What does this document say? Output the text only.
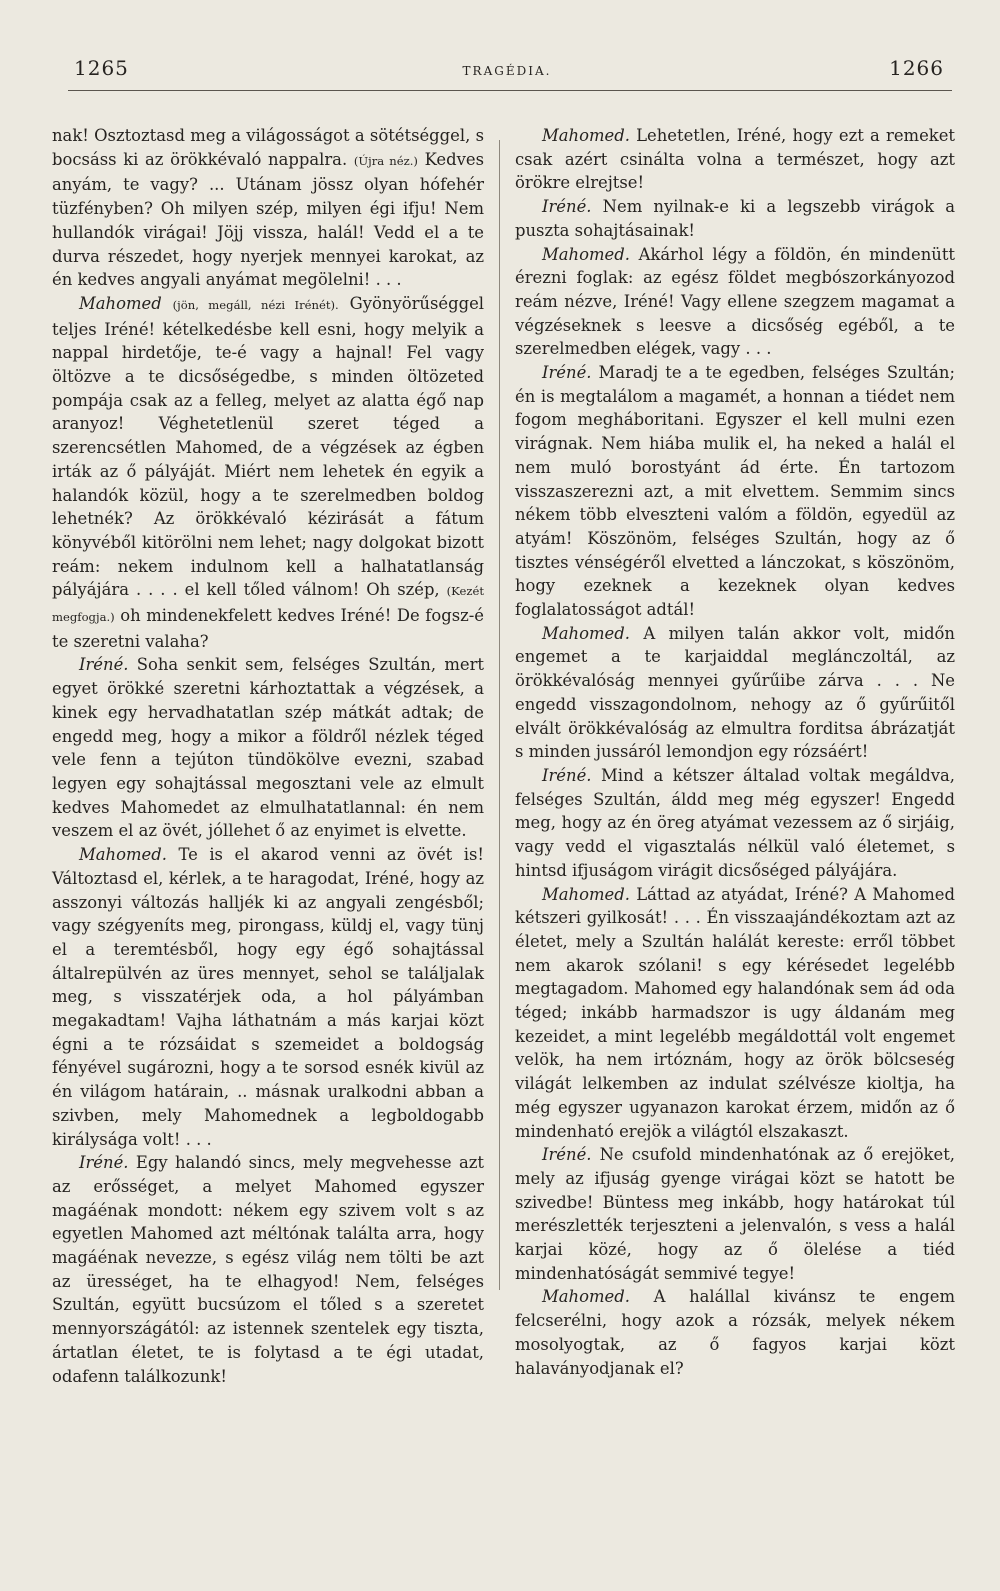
1265	TRAGÉDIA.	1266

nak! Osztoztasd meg a világosságot a sötétséggel, s bocsáss ki az örökkévaló nappalra. (Újra néz.) Kedves anyám, te vagy? ... Utánam jössz olyan hófehér tüzfényben? Oh milyen szép, milyen égi ifju! Nem hullandók virágai! Jöjj vissza, halál! Vedd el a te durva részedet, hogy nyerjek mennyei karokat, az én kedves angyali anyámat megölelni! . . .

Mahomed (jön, megáll, nézi Irénét). Gyönyörűséggel teljes Iréné! kételkedésbe kell esni, hogy melyik a nappal hirdetője, te-é vagy a hajnal! Fel vagy öltözve a te dicsőségedbe, s minden öltözeted pompája csak az a felleg, melyet az alatta égő nap aranyoz! Véghetetlenül szeret téged a szerencsétlen Mahomed, de a végzések az égben irták az ő pályáját. Miért nem lehetek én egyik a halandók közül, hogy a te szerelmedben boldog lehetnék? Az örökkévaló kézirását a fátum könyvéből kitörölni nem lehet; nagy dolgokat bizott reám: nekem indulnom kell a halhatatlanság pályájára . . . . el kell tőled válnom! Oh szép, (Kezét megfogja.) oh mindenekfelett kedves Iréné! De fogsz-é te szeretni valaha?

Iréné. Soha senkit sem, felséges Szultán, mert egyet örökké szeretni kárhoztattak a végzések, a kinek egy hervadhatatlan szép mátkát adtak; de engedd meg, hogy a mikor a földről nézlek téged vele fenn a tejúton tündökölve evezni, szabad legyen egy sohajtással megosztani vele az elmult kedves Mahomedet az elmulhatatlannal: én nem veszem el az övét, jóllehet ő az enyimet is elvette.

Mahomed. Te is el akarod venni az övét is! Változtasd el, kérlek, a te haragodat, Iréné, hogy az asszonyi változás halljék ki az angyali zengésből; vagy szégyeníts meg, pirongass, küldj el, vagy tünj el a teremtésből, hogy egy égő sohajtással általrepülvén az üres mennyet, sehol se találjalak meg, s visszatérjek oda, a hol pályámban megakadtam! Vajha láthatnám a más karjai közt égni a te rózsáidat s szemeidet a boldogság fényével sugározni, hogy a te sorsod esnék kivül az én világom határain, .. másnak uralkodni abban a szivben, mely Mahomednek a legboldogabb királysága volt! . . .

Iréné. Egy halandó sincs, mely megvehesse azt az erősséget, a melyet Mahomed egyszer magáénak mondott: nékem egy szivem volt s az egyetlen Mahomed azt méltónak találta arra, hogy magáénak nevezze, s egész világ nem tölti be azt az ürességet, ha te elhagyod! Nem, felséges Szultán, együtt bucsúzom el tőled s a szeretet mennyországától: az istennek szentelek egy tiszta, ártatlan életet, te is folytasd a te égi utadat, odafenn találkozunk!

Mahomed. Lehetetlen, Iréné, hogy ezt a remeket csak azért csinálta volna a természet, hogy azt örökre elrejtse!

Iréné. Nem nyilnak-e ki a legszebb virágok a puszta sohajtásainak!

Mahomed. Akárhol légy a földön, én mindenütt érezni foglak: az egész földet megbószorkányozod reám nézve, Iréné! Vagy ellene szegzem magamat a végzéseknek s leesve a dicsőség egéből, a te szerelmedben elégek, vagy . . .

Iréné. Maradj te a te egedben, felséges Szultán; én is megtalálom a magamét, a honnan a tiédet nem fogom megháboritani. Egyszer el kell mulni ezen virágnak. Nem hiába mulik el, ha neked a halál el nem muló borostyánt ád érte. Én tartozom visszaszerezni azt, a mit elvettem. Semmim sincs nékem több elveszteni valóm a földön, egyedül az atyám! Köszönöm, felséges Szultán, hogy az ő tisztes vénségéről elvetted a lánczokat, s köszönöm, hogy ezeknek a kezeknek olyan kedves foglalatosságot adtál!

Mahomed. A milyen talán akkor volt, midőn engemet a te karjaiddal meglánczoltál, az örökkévalóság mennyei gyűrűibe zárva . . . Ne engedd visszagondolnom, nehogy az ő gyűrűitől elvált örökkévalóság az elmultra forditsa ábrázatját s minden jussáról lemondjon egy rózsáért!

Iréné. Mind a kétszer általad voltak megáldva, felséges Szultán, áldd meg még egyszer! Engedd meg, hogy az én öreg atyámat vezessem az ő sirjáig, vagy vedd el vigasztalás nélkül való életemet, s hintsd ifjuságom virágit dicsőséged pályájára.

Mahomed. Láttad az atyádat, Iréné? A Mahomed kétszeri gyilkosát! . . . Én visszaajándékoztam azt az életet, mely a Szultán halálát kereste: erről többet nem akarok szólani! s egy kérésedet legelébb megtagadom. Mahomed egy halandónak sem ád oda téged; inkább harmadszor is ugy áldanám meg kezeidet, a mint legelébb megáldottál volt engemet velök, ha nem irtóznám, hogy az örök bölcseség világát lelkemben az indulat szélvésze kioltja, ha még egyszer ugyanazon karokat érzem, midőn az ő mindenható erejök a világtól elszakaszt.

Iréné. Ne csufold mindenhatónak az ő erejöket, mely az ifjuság gyenge virágai közt se hatott be szivedbe! Büntess meg inkább, hogy határokat túl merészlették terjeszteni a jelenvalón, s vess a halál karjai közé, hogy az ő ölelése a tiéd mindenhatóságát semmivé tegye!

Mahomed. A halállal kivánsz te engem felcserélni, hogy azok a rózsák, melyek nékem mosolyogtak, az ő fagyos karjai közt halaványodjanak el?
